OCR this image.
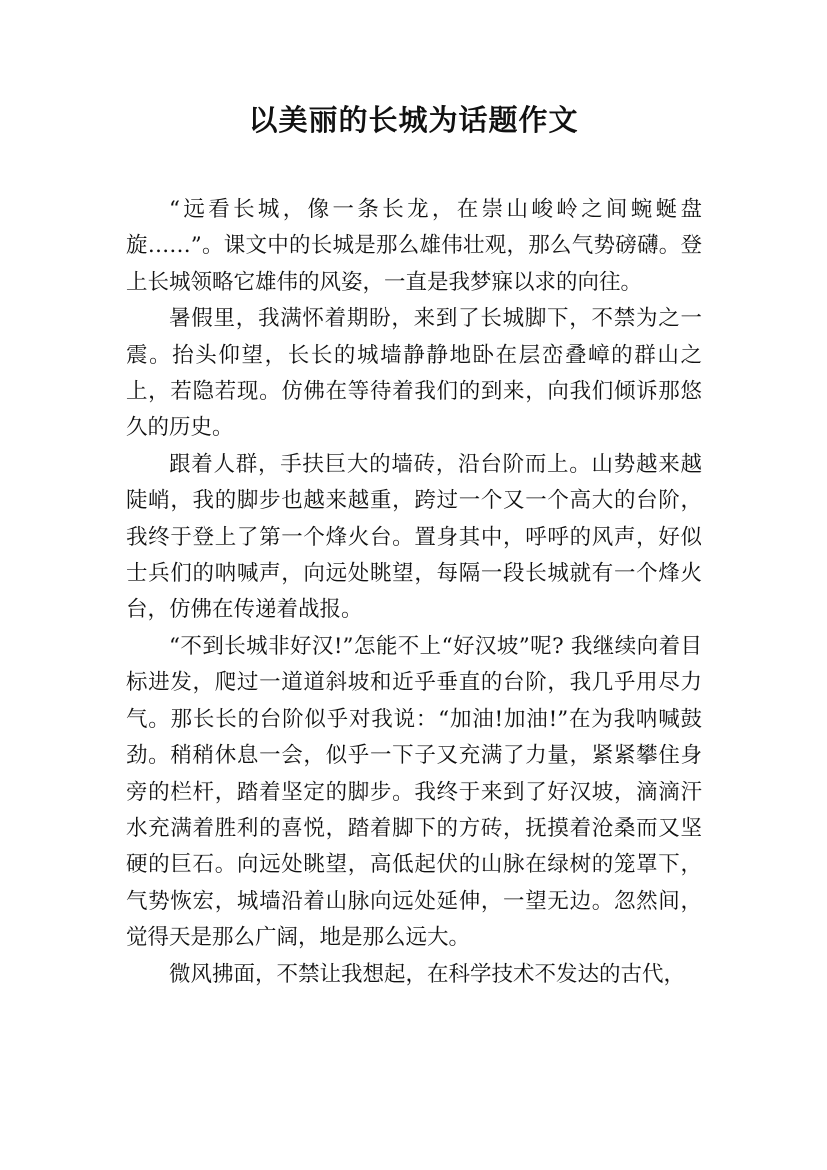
以美丽的长城为话题作文

“远看长城，像一条长龙，在崇山峻岭之间蜿蜒盘旋……”。课文中的长城是那么雄伟壮观，那么气势磅礴。登上长城领略它雄伟的风姿，一直是我梦寐以求的向往。

暑假里，我满怀着期盼，来到了长城脚下，不禁为之一震。抬头仰望，长长的城墙静静地卧在层峦叠嶂的群山之上，若隐若现。仿佛在等待着我们的到来，向我们倾诉那悠久的历史。

跟着人群，手扶巨大的墙砖，沿台阶而上。山势越来越陡峭，我的脚步也越来越重，跨过一个又一个高大的台阶，我终于登上了第一个烽火台。置身其中，呼呼的风声，好似士兵们的呐喊声，向远处眺望，每隔一段长城就有一个烽火台，仿佛在传递着战报。

“不到长城非好汉!”怎能不上“好汉坡”呢? 我继续向着目标进发，爬过一道道斜坡和近乎垂直的台阶，我几乎用尽力气。那长长的台阶似乎对我说：“加油!加油!”在为我呐喊鼓劲。稍稍休息一会，似乎一下子又充满了力量，紧紧攀住身旁的栏杆，踏着坚定的脚步。我终于来到了好汉坡，滴滴汗水充满着胜利的喜悦，踏着脚下的方砖，抚摸着沧桑而又坚硬的巨石。向远处眺望，高低起伏的山脉在绿树的笼罩下，气势恢宏，城墙沿着山脉向远处延伸，一望无边。忽然间，觉得天是那么广阔，地是那么远大。

微风拂面，不禁让我想起，在科学技术不发达的古代，
